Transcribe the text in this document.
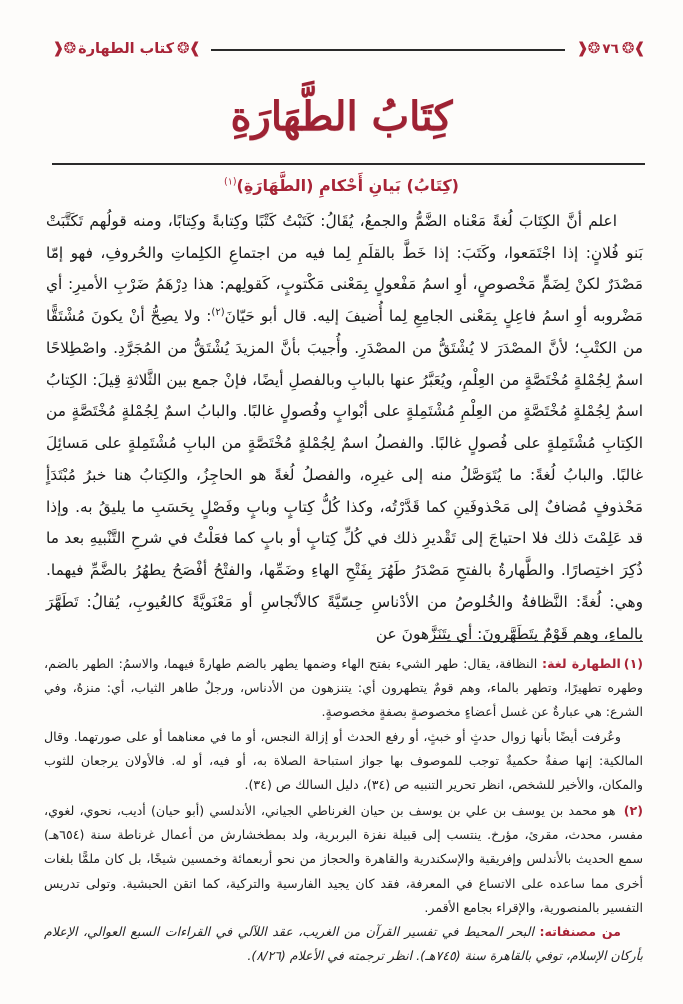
❂❰ كتاب الطهارة ❱❂	❂❰ ٧٦ ❱❂
كِتَابُ الطَّهَارَةِ
(كِتَابُ) بَيانِ أَحْكامِ (الطَّهَارَةِ)$^{(١)}$

اعلم أنَّ الكِتَابَ لُغةً مَعْناه الضَّمُّ والجمعُ، يُقَالُ: كَتَبْتُ كَتْبًا وكِتابةً وكِتابًا، ومنه قولُهم تَكَتَّبَتْ بَنو فُلانٍ: إذا اجْتَمَعوا، وكَتَبَ: إذا خَطَّ بالقلَمِ لِما فيه من اجتماعِ الكلِماتِ والحُروفِ، فهو إمّا مَصْدَرٌ لكنْ لِضَمٍّ مَخْصوصٍ، أوِ اسمُ مَفْعولٍ بِمَعْنى مَكْتوبٍ، كَقولِهم: هذا دِرْهَمُ ضَرْبِ الأميرِ: أي مَضْروبه أوِ اسمُ فاعِلٍ بِمَعْنى الجامِعِ لِما أُضيفَ إليه. قال أبو حَيّانَ$^{(٢)}$: ولا يصِحُّ أنْ يكونَ مُشْتَقًّا من الكتْبِ؛ لأنَّ المصْدَرَ لا يُشْتَقُّ من المصْدَرِ. وأُجيبَ بأنَّ المزيدَ يُشْتَقُّ من المُجَرَّدِ. واصْطِلاحًا اسمٌ لِجُمْلةٍ مُخْتَصَّةٍ من العِلْمِ، ويُعَبَّرُ عنها بالبابِ وبالفصلِ أيضًا، فإنْ جمع بين الثَّلاثةِ قِيلَ: الكِتابُ اسمٌ لِجُمْلةٍ مُخْتَصَّةٍ من العِلْمِ مُشْتَمِلةٍ على أبْوابٍ وفُصولٍ غالبًا. والبابُ اسمٌ لِجُمْلةٍ مُخْتَصَّةٍ من الكِتابِ مُشْتَمِلةٍ على فُصولٍ غالبًا. والفصلُ اسمٌ لِجُمْلةٍ مُخْتَصَّةٍ من البابِ مُشْتَمِلةٍ على مَسائِلَ غالبًا. والبابُ لُغةً: ما يُتَوَصَّلُ منه إلى غيرِه، والفصلُ لُغةً هو الحاجِزُ، والكِتابُ هنا خبرُ مُبْتَدَأٍ مَحْذوفٍ مُضافٌ إلى مَحْذوفَينِ كما قَدَّرْتُه، وكذا كُلُّ كِتابٍ وبابٍ وفَصْلٍ بِحَسَبِ ما يليقُ به. وإذا قد عَلِمْتَ ذلك فلا احتياجَ إلى تَقْديرِ ذلك في كُلِّ كِتابٍ أو بابٍ كما فعَلْتُ في شرحِ التَّنْبيهِ بعد ما ذُكِرَ اختِصارًا. والطَّهارةُ بالفتحِ مَصْدَرُ طَهُرَ بِفَتْحِ الهاءِ وضَمِّها، والفتْحُ أفْصَحُ يطهُرُ بالضَّمِّ فيهما. وهي: لُغةً: النَّظافةُ والخُلوصُ من الأدْناسِ حِسّيَّةً كالأنْجاسِ أو مَعْنَويَّةً كالعُيوبِ، يُقالُ: تَطَهَّرَ بالماءِ، وهم قَوْمٌ يتَطَهَّرونَ: أي يتَنَزَّهونَ عن

(١)الطهارة لغة: النظافة، يقال: طهر الشيء بفتح الهاء وضمها يطهر بالضم طهارةً فيهما، والاسمُ: الطهر بالضم، وطهره تطهيرًا، وتطهر بالماء، وهم قومٌ يتطهرون أي: يتنزهون من الأدناس، ورجلٌ طاهر الثياب، أي: منزهٌ، وفي الشرع: هي عبارةٌ عن غسل أعضاءٍ مخصوصةٍ بصفةٍ مخصوصةٍ.
وعُرفت أيضًا بأنها زوال حدثٍ أو خبثٍ، أو رفع الحدث أو إزالة النجس، أو ما في معناهما أو على صورتهما. وقال المالكية: إنها صفةٌ حكميةٌ توجب للموصوف بها جواز استباحة الصلاة به، أو فيه، أو له. فالأولان يرجعان للثوب والمكان، والأخير للشخص، انظر تحرير التنبيه ص (٣٤)، دليل السالك ص (٣٤).
(٢) هو محمد بن يوسف بن علي بن يوسف بن حيان الغرناطي الجياني، الأندلسي (أبو حيان) أديب، نحوي، لغوي، مفسر، محدث، مقرئ، مؤرخ. ينتسب إلى قبيلة نفزة البربرية، ولد بمطخشارش من أعمال غرناطة سنة (٦٥٤هـ) سمع الحديث بالأندلس وإفريقية والإسكندرية والقاهرة والحجاز من نحو أربعمائة وخمسين شيخًا، بل كان ملمًّا بلغات أخرى مما ساعده على الاتساع في المعرفة، فقد كان يجيد الفارسية والتركية، كما اتقن الحبشية. وتولى تدريس التفسير بالمنصورية، والإقراء بجامع الأقمر.
من مصنفاته: البحر المحيط في تفسير القرآن من الغريب، عقد اللآلي في القراءات السبع العوالي، الإعلام بأركان الإسلام، توفي بالقاهرة سنة (٧٤٥هـ). انظر ترجمته في الأعلام (٨/٢٦).
